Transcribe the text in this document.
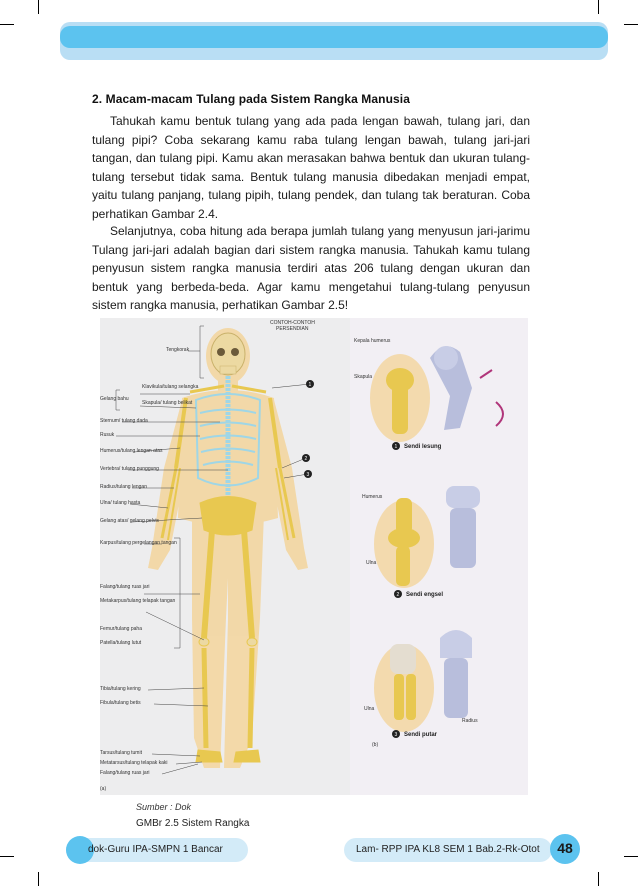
2. Macam-macam Tulang pada Sistem Rangka Manusia

Tahukah kamu bentuk tulang yang ada pada lengan bawah, tulang jari, dan tulang pipi? Coba sekarang kamu raba tulang lengan bawah, tulang jari-jari tangan, dan tulang pipi. Kamu akan merasakan bahwa bentuk dan ukuran tulang-tulang tersebut tidak sama. Bentuk tulang manusia dibedakan menjadi empat, yaitu tulang panjang, tulang pipih, tulang pendek, dan tulang tak beraturan. Coba perhatikan Gambar 2.4.

Selanjutnya, coba hitung ada berapa jumlah tulang yang menyusun jari-jarimu Tulang jari-jari adalah bagian dari sistem rangka manusia. Tahukah kamu tulang penyusun sistem rangka manusia terdiri atas 206 tulang dengan ukuran dan bentuk yang berbeda-beda. Agar kamu mengetahui tulang-tulang penyusun sistem rangka manusia, perhatikan Gambar 2.5!

CONTOH-CONTOH
PERSENDIAN
1
2
3
Tengkorak
Klavikula/tulang selangka
Skapula/ tulang belikat
Gelang bahu
Sternum/ tulang dada
Rusuk
Humerus/tulang lengan atas
Vertebra/ tulang punggung
Radius/tulang lengan
Ulna/ tulang hasta
Gelang atas/ gelang pelvis
Karpus/tulang pergelangan tangan
Falang/tulang ruas jari
Metakarpus/tulang telapak tangan
Femur/tulang paha
Patella/tulang lutut
Tibia/tulang kering
Fibula/tulang betis
Tarsus/tulang tumit
Metatarsus/tulang telapak kaki
Falang/tulang ruas jari
(a)
Kepala humerus
Skapula
Sendi lesung
Humerus
Ulna
Sendi engsel
Ulna
Radius
Sendi putar
1
2
3
(b)
Sumber : Dok
GMBr 2.5 Sistem Rangka
dok-Guru IPA-SMPN 1 Bancar	Lam- RPP IPA KL8 SEM 1 Bab.2-Rk-Otot	48
